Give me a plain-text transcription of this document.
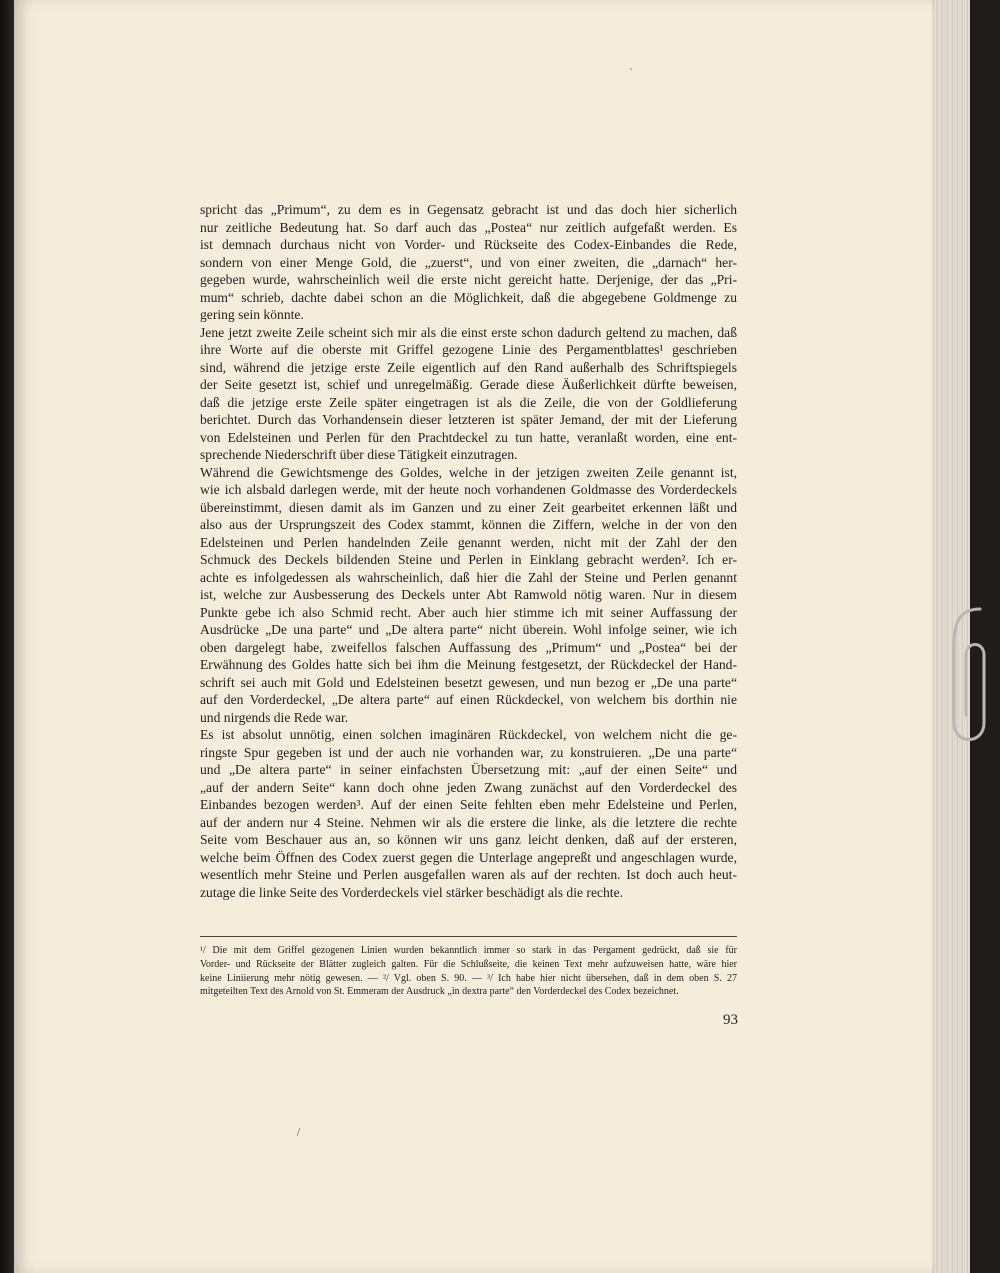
spricht das „Primum“, zu dem es in Gegensatz gebracht ist und das doch hier sicherlich
nur zeitliche Bedeutung hat. So darf auch das „Postea“ nur zeitlich aufgefaßt werden. Es
ist demnach durchaus nicht von Vorder- und Rückseite des Codex-Einbandes die Rede,
sondern von einer Menge Gold, die „zuerst“, und von einer zweiten, die „darnach“ her-
gegeben wurde, wahrscheinlich weil die erste nicht gereicht hatte. Derjenige, der das „Pri-
mum“ schrieb, dachte dabei schon an die Möglichkeit, daß die abgegebene Goldmenge zu
gering sein könnte.
Jene jetzt zweite Zeile scheint sich mir als die einst erste schon dadurch geltend zu machen, daß
ihre Worte auf die oberste mit Griffel gezogene Linie des Pergamentblattes¹ geschrieben
sind, während die jetzige erste Zeile eigentlich auf den Rand außerhalb des Schriftspiegels
der Seite gesetzt ist, schief und unregelmäßig. Gerade diese Äußerlichkeit dürfte beweisen,
daß die jetzige erste Zeile später eingetragen ist als die Zeile, die von der Goldlieferung
berichtet. Durch das Vorhandensein dieser letzteren ist später Jemand, der mit der Lieferung
von Edelsteinen und Perlen für den Prachtdeckel zu tun hatte, veranlaßt worden, eine ent-
sprechende Niederschrift über diese Tätigkeit einzutragen.
Während die Gewichtsmenge des Goldes, welche in der jetzigen zweiten Zeile genannt ist,
wie ich alsbald darlegen werde, mit der heute noch vorhandenen Goldmasse des Vorderdeckels
übereinstimmt, diesen damit als im Ganzen und zu einer Zeit gearbeitet erkennen läßt und
also aus der Ursprungszeit des Codex stammt, können die Ziffern, welche in der von den
Edelsteinen und Perlen handelnden Zeile genannt werden, nicht mit der Zahl der den
Schmuck des Deckels bildenden Steine und Perlen in Einklang gebracht werden². Ich er-
achte es infolgedessen als wahrscheinlich, daß hier die Zahl der Steine und Perlen genannt
ist, welche zur Ausbesserung des Deckels unter Abt Ramwold nötig waren. Nur in diesem
Punkte gebe ich also Schmid recht. Aber auch hier stimme ich mit seiner Auffassung der
Ausdrücke „De una parte“ und „De altera parte“ nicht überein. Wohl infolge seiner, wie ich
oben dargelegt habe, zweifellos falschen Auffassung des „Primum“ und „Postea“ bei der
Erwähnung des Goldes hatte sich bei ihm die Meinung festgesetzt, der Rückdeckel der Hand-
schrift sei auch mit Gold und Edelsteinen besetzt gewesen, und nun bezog er „De una parte“
auf den Vorderdeckel, „De altera parte“ auf einen Rückdeckel, von welchem bis dorthin nie
und nirgends die Rede war.
Es ist absolut unnötig, einen solchen imaginären Rückdeckel, von welchem nicht die ge-
ringste Spur gegeben ist und der auch nie vorhanden war, zu konstruieren. „De una parte“
und „De altera parte“ in seiner einfachsten Übersetzung mit: „auf der einen Seite“ und
„auf der andern Seite“ kann doch ohne jeden Zwang zunächst auf den Vorderdeckel des
Einbandes bezogen werden³. Auf der einen Seite fehlten eben mehr Edelsteine und Perlen,
auf der andern nur 4 Steine. Nehmen wir als die erstere die linke, als die letztere die rechte
Seite vom Beschauer aus an, so können wir uns ganz leicht denken, daß auf der ersteren,
welche beim Öffnen des Codex zuerst gegen die Unterlage angepreßt und angeschlagen wurde,
wesentlich mehr Steine und Perlen ausgefallen waren als auf der rechten. Ist doch auch heut-
zutage die linke Seite des Vorderdeckels viel stärker beschädigt als die rechte.
¹/ Die mit dem Griffel gezogenen Linien wurden bekanntlich immer so stark in das Pergament gedrückt, daß sie für
Vorder- und Rückseite der Blätter zugleich galten. Für die Schlußseite, die keinen Text mehr aufzuweisen hatte, wäre hier
keine Liniierung mehr nötig gewesen. — ²/ Vgl. oben S. 90. — ³/ Ich habe hier nicht übersehen, daß in dem oben S. 27
mitgeteilten Text des Arnold von St. Emmeram der Ausdruck „in dextra parte“ den Vorderdeckel des Codex bezeichnet.
93
